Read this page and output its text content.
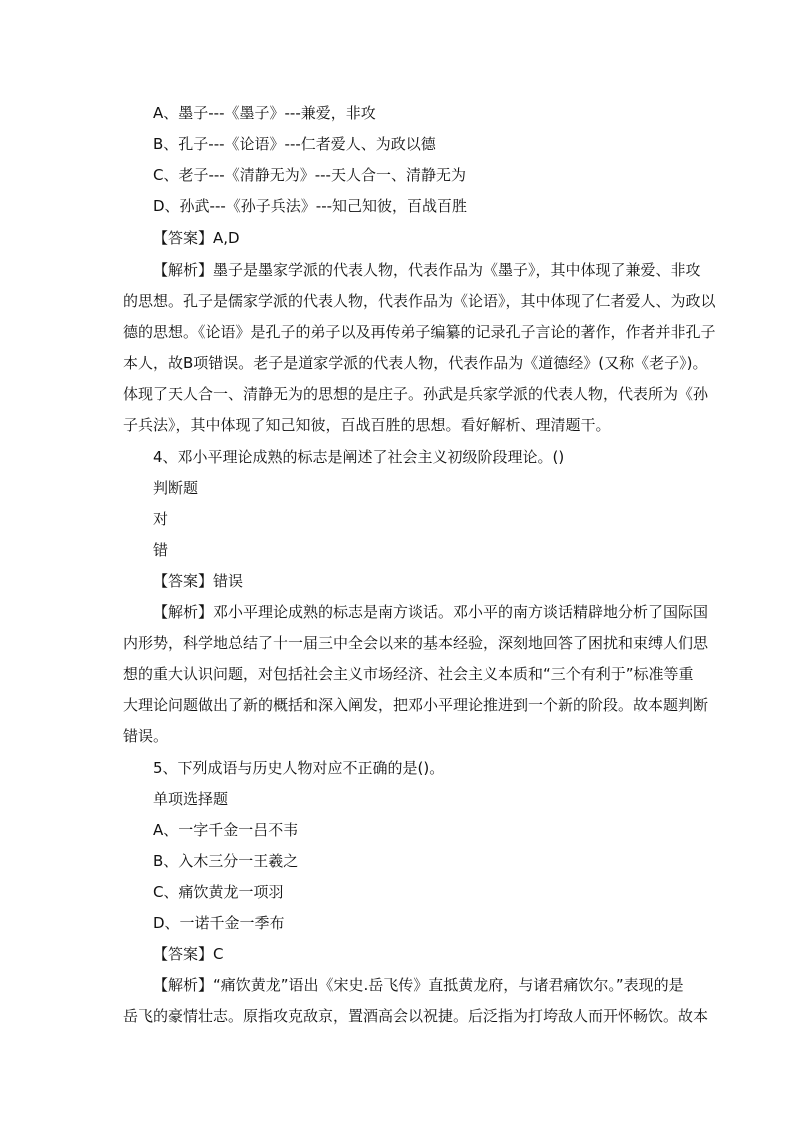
A、墨子---《墨子》---兼爱，非攻
B、孔子---《论语》---仁者爱人、为政以德
C、老子---《清静无为》---天人合一、清静无为
D、孙武---《孙子兵法》---知己知彼，百战百胜
【答案】A,D
【解析】墨子是墨家学派的代表人物，代表作品为《墨子》，其中体现了兼爱、非攻
的思想。孔子是儒家学派的代表人物，代表作品为《论语》，其中体现了仁者爱人、为政以
德的思想。《论语》是孔子的弟子以及再传弟子编纂的记录孔子言论的著作，作者并非孔子
本人，故B项错误。老子是道家学派的代表人物，代表作品为《道德经》(又称《老子》)。
体现了天人合一、清静无为的思想的是庄子。孙武是兵家学派的代表人物，代表所为《孙
子兵法》，其中体现了知己知彼，百战百胜的思想。看好解析、理清题干。
4、邓小平理论成熟的标志是阐述了社会主义初级阶段理论。()
判断题
对
错
【答案】错误
【解析】邓小平理论成熟的标志是南方谈话。邓小平的南方谈话精辟地分析了国际国
内形势，科学地总结了十一届三中全会以来的基本经验，深刻地回答了困扰和束缚人们思
想的重大认识问题，对包括社会主义市场经济、社会主义本质和“三个有利于”标准等重
大理论问题做出了新的概括和深入阐发，把邓小平理论推进到一个新的阶段。故本题判断
错误。
5、下列成语与历史人物对应不正确的是()。
单项选择题
A、一字千金一吕不韦
B、入木三分一王羲之
C、痛饮黄龙一项羽
D、一诺千金一季布
【答案】C
【解析】“痛饮黄龙”语出《宋史.岳飞传》直抵黄龙府，与诸君痛饮尔。”表现的是
岳飞的豪情壮志。原指攻克敌京，置酒高会以祝捷。后泛指为打垮敌人而开怀畅饮。故本
